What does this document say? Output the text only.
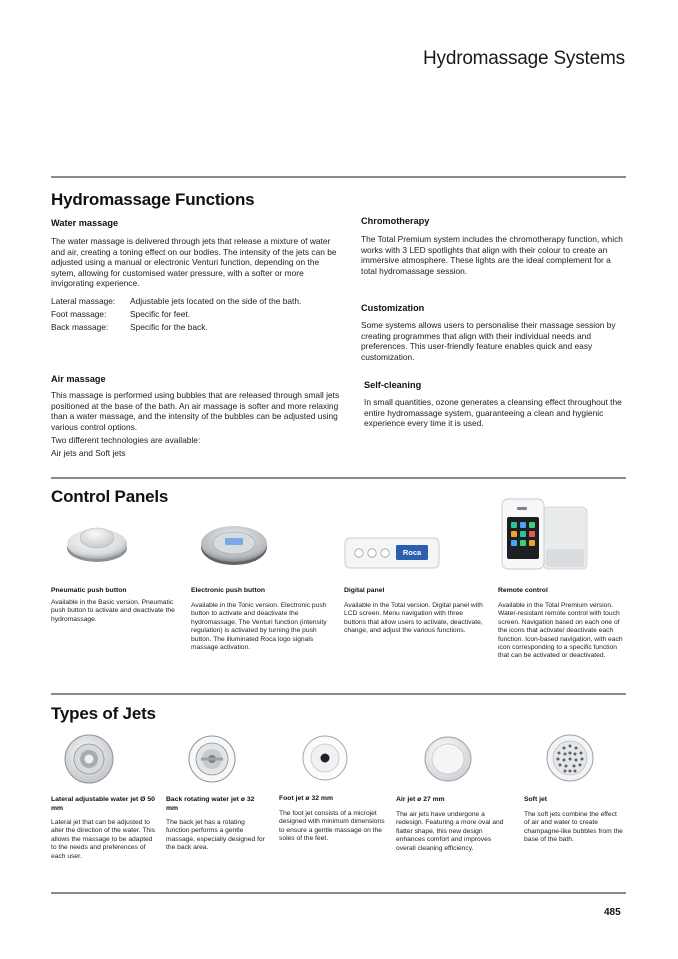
Hydromassage Systems
Hydromassage Functions
Water massage
The water massage is delivered through jets that release a mixture of water and air, creating a toning effect on our bodies. The intensity of the jets can be adjusted using a manual or electronic Venturi function, depending on the sytem, allowing for customised water pressure, with a softer or more invigorating experience.
Lateral massage:	Adjustable jets located on the side of the bath.
Foot massage:	Specific for feet.
Back massage:	Specific for the back.
Air massage
This massage is performed using bubbles that are released through small jets positioned at the base of the bath. An air massage is softer and more relaxing than a water massage, and the intensity of the bubbles can be adjusted using various control options.
Two different technologies are available:
Air jets and Soft jets
Chromotherapy
The Total Premium system includes the chromotherapy function, which works with 3 LED spotlights that align with their colour to create an immersive atmosphere. These lights are the ideal complement for a total hydromassage session.
Customization
Some systems allows users to personalise their massage session by creating programmes that align with their individual needs and preferences. This user-friendly feature enables quick and easy customization.
Self-cleaning
In small quantities, ozone generates a cleansing effect throughout the entire hydromassage system, guaranteeing a clean and hygienic experience every time it is used.
Control Panels
Roca
Pneumatic push button
Available in the Basic version. Pneumatic push button to activate and deactivate the hydromassage.
Electronic push button
Available in the Tonic version. Electronic push button to activate and deactivate the hydromassage. The Venturi function (intensity regulation) is activated by turning the push button. The illuminated Roca logo signals massage activation.
Digital panel
Available in the Total version. Digital panel with LCD screen. Menu navigation with three buttons that allow users to activate, deactivate, change, and adjust the various functions.
Remote control
Available in the Total Premium version. Water-resistant remote control with touch screen. Navigation based on each one of the icons that activate/ deactivate each function. Icon-based navigation, with each icon corresponding to a specific function that can be activated or deactivated.
Types of Jets
Lateral adjustable water jet Ø 50 mm
Lateral jet that can be adjusted to alter the direction of the water. This allows the massage to be adapted to the needs and preferences of each user.
Back rotating water jet ø 32 mm
The back jet has a rotating function performs a gentle massage, especially designed for the back area.
Foot jet ø 32 mm
The foot jet consists of a microjet designed with minimum dimensions to ensure a gentle massage on the soles of the feet.
Air jet ø 27 mm
The air jets have undergone a redesign. Featuring a more oval and flatter shape, this new design enhances comfort and improves overall cleaning efficiency.
Soft jet
The soft jets combine the effect of air and water to create champagne-like bubbles from the base of the bath.
485
